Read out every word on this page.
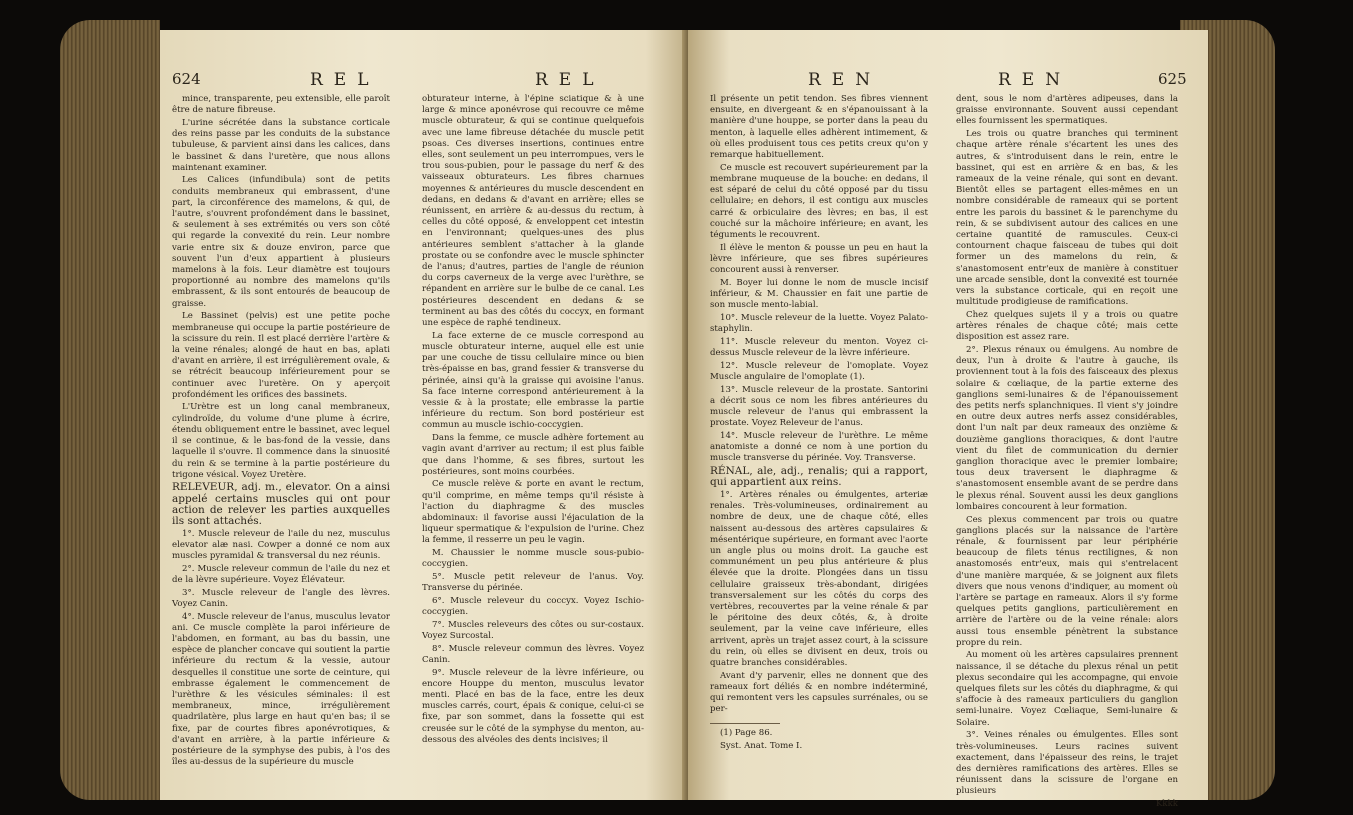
624	REL	REL

mince, transparente, peu extensible, elle paroît être de nature fibreuse.

L'urine sécrétée dans la substance corticale des reins passe par les conduits de la substance tubuleuse, & parvient ainsi dans les calices, dans le bassinet & dans l'uretère, que nous allons maintenant examiner.

Les Calices (infundibula) sont de petits conduits membraneux qui embrassent, d'une part, la circonférence des mamelons, & qui, de l'autre, s'ouvrent profondément dans le bassinet, & seulement à ses extrémités ou vers son côté qui regarde la convexité du rein. Leur nombre varie entre six & douze environ, parce que souvent l'un d'eux appartient à plusieurs mamelons à la fois. Leur diamètre est toujours proportionné au nombre des mamelons qu'ils embrassent, & ils sont entourés de beaucoup de graisse.

Le Bassinet (pelvis) est une petite poche membraneuse qui occupe la partie postérieure de la scissure du rein. Il est placé derrière l'artère & la veine rénales; alongé de haut en bas, aplati d'avant en arrière, il est irrégulièrement ovale, & se rétrécit beaucoup inférieurement pour se continuer avec l'uretère. On y aperçoit profondément les orifices des bassinets.

L'Urètre est un long canal membraneux, cylindroïde, du volume d'une plume à écrire, étendu obliquement entre le bassinet, avec lequel il se continue, & le bas-fond de la vessie, dans laquelle il s'ouvre. Il commence dans la sinuosité du rein & se termine à la partie postérieure du trigone vésical. Voyez Uretère.

RELEVEUR, adj. m., elevator. On a ainsi appelé certains muscles qui ont pour action de relever les parties auxquelles ils sont attachés.

1°. Muscle releveur de l'aile du nez, musculus elevator alæ nasi. Cowper a donné ce nom aux muscles pyramidal & transversal du nez réunis.

2°. Muscle releveur commun de l'aile du nez et de la lèvre supérieure. Voyez Élévateur.

3°. Muscle releveur de l'angle des lèvres. Voyez Canin.

4°. Muscle releveur de l'anus, musculus levator ani. Ce muscle complète la paroi inférieure de l'abdomen, en formant, au bas du bassin, une espèce de plancher concave qui soutient la partie inférieure du rectum & la vessie, autour desquelles il constitue une sorte de ceinture, qui embrasse également le commencement de l'urèthre & les vésicules séminales: il est membraneux, mince, irrégulièrement quadrilatère, plus large en haut qu'en bas; il se fixe, par de courtes fibres aponévrotiques, & d'avant en arrière, à la partie inférieure & postérieure de la symphyse des pubis, à l'os des îles au-dessus de la supérieure du muscle

obturateur interne, à l'épine sciatique & à une large & mince aponévrose qui recouvre ce même muscle obturateur, & qui se continue quelquefois avec une lame fibreuse détachée du muscle petit psoas. Ces diverses insertions, continues entre elles, sont seulement un peu interrompues, vers le trou sous-pubien, pour le passage du nerf & des vaisseaux obturateurs. Les fibres charnues moyennes & antérieures du muscle descendent en dedans, en dedans & d'avant en arrière; elles se réunissent, en arrière & au-dessus du rectum, à celles du côté opposé, & enveloppent cet intestin en l'environnant; quelques-unes des plus antérieures semblent s'attacher à la glande prostate ou se confondre avec le muscle sphincter de l'anus; d'autres, parties de l'angle de réunion du corps caverneux de la verge avec l'urèthre, se répandent en arrière sur le bulbe de ce canal. Les postérieures descendent en dedans & se terminent au bas des côtés du coccyx, en formant une espèce de raphé tendineux.

La face externe de ce muscle correspond au muscle obturateur interne, auquel elle est unie par une couche de tissu cellulaire mince ou bien très-épaisse en bas, grand fessier & transverse du périnée, ainsi qu'à la graisse qui avoisine l'anus. Sa face interne correspond antérieurement à la vessie & à la prostate; elle embrasse la partie inférieure du rectum. Son bord postérieur est commun au muscle ischio-coccygien.

Dans la femme, ce muscle adhère fortement au vagin avant d'arriver au rectum; il est plus faible que dans l'homme, & ses fibres, surtout les postérieures, sont moins courbées.

Ce muscle relève & porte en avant le rectum, qu'il comprime, en même temps qu'il résiste à l'action du diaphragme & des muscles abdominaux: il favorise aussi l'éjaculation de la liqueur spermatique & l'expulsion de l'urine. Chez la femme, il resserre un peu le vagin.

M. Chaussier le nomme muscle sous-pubio-coccygien.

5°. Muscle petit releveur de l'anus. Voy. Transverse du périnée.

6°. Muscle releveur du coccyx. Voyez Ischio-coccygien.

7°. Muscles releveurs des côtes ou sur-costaux. Voyez Surcostal.

8°. Muscle releveur commun des lèvres. Voyez Canin.

9°. Muscle releveur de la lèvre inférieure, ou encore Houppe du menton, musculus levator menti. Placé en bas de la face, entre les deux muscles carrés, court, épais & conique, celui-ci se fixe, par son sommet, dans la fossette qui est creusée sur le côté de la symphyse du menton, au-dessous des alvéoles des dents incisives; il

REN	REN	625

Il présente un petit tendon. Ses fibres viennent ensuite, en divergeant & en s'épanouissant à la manière d'une houppe, se porter dans la peau du menton, à laquelle elles adhèrent intimement, & où elles produisent tous ces petits creux qu'on y remarque habituellement.

Ce muscle est recouvert supérieurement par la membrane muqueuse de la bouche: en dedans, il est séparé de celui du côté opposé par du tissu cellulaire; en dehors, il est contigu aux muscles carré & orbiculaire des lèvres; en bas, il est couché sur la mâchoire inférieure; en avant, les téguments le recouvrent.

Il élève le menton & pousse un peu en haut la lèvre inférieure, que ses fibres supérieures concourent aussi à renverser.

M. Boyer lui donne le nom de muscle incisif inférieur, & M. Chaussier en fait une partie de son muscle mento-labial.

10°. Muscle releveur de la luette. Voyez Palato-staphylin.

11°. Muscle releveur du menton. Voyez ci-dessus Muscle releveur de la lèvre inférieure.

12°. Muscle releveur de l'omoplate. Voyez Muscle angulaire de l'omoplate (1).

13°. Muscle releveur de la prostate. Santorini a décrit sous ce nom les fibres antérieures du muscle releveur de l'anus qui embrassent la prostate. Voyez Releveur de l'anus.

14°. Muscle releveur de l'urèthre. Le même anatomiste a donné ce nom à une portion du muscle transverse du périnée. Voy. Transverse.

RÉNAL, ale, adj., renalis; qui a rapport, qui appartient aux reins.

1°. Artères rénales ou émulgentes, arteriæ renales. Très-volumineuses, ordinairement au nombre de deux, une de chaque côté, elles naissent au-dessous des artères capsulaires & mésentérique supérieure, en formant avec l'aorte un angle plus ou moins droit. La gauche est communément un peu plus antérieure & plus élevée que la droite. Plongées dans un tissu cellulaire graisseux très-abondant, dirigées transversalement sur les côtés du corps des vertèbres, recouvertes par la veine rénale & par le péritoine des deux côtés, &, à droite seulement, par la veine cave inférieure, elles arrivent, après un trajet assez court, à la scissure du rein, où elles se divisent en deux, trois ou quatre branches considérables.

Avant d'y parvenir, elles ne donnent que des rameaux fort déliés & en nombre indéterminé, qui remontent vers les capsules surrénales, ou se per-

(1) Page 86.

Syst. Anat. Tome I.

dent, sous le nom d'artères adipeuses, dans la graisse environnante. Souvent aussi cependant elles fournissent les spermatiques.

Les trois ou quatre branches qui terminent chaque artère rénale s'écartent les unes des autres, & s'introduisent dans le rein, entre le bassinet, qui est en arrière & en bas, & les rameaux de la veine rénale, qui sont en devant. Bientôt elles se partagent elles-mêmes en un nombre considérable de rameaux qui se portent entre les parois du bassinet & le parenchyme du rein, & se subdivisent autour des calices en une certaine quantité de ramuscules. Ceux-ci contournent chaque faisceau de tubes qui doit former un des mamelons du rein, & s'anastomosent entr'eux de manière à constituer une arcade sensible, dont la convexité est tournée vers la substance corticale, qui en reçoit une multitude prodigieuse de ramifications.

Chez quelques sujets il y a trois ou quatre artères rénales de chaque côté; mais cette disposition est assez rare.

2°. Plexus rénaux ou émulgens. Au nombre de deux, l'un à droite & l'autre à gauche, ils proviennent tout à la fois des faisceaux des plexus solaire & cœliaque, de la partie externe des ganglions semi-lunaires & de l'épanouissement des petits nerfs splanchniques. Il vient s'y joindre en outre deux autres nerfs assez considérables, dont l'un naît par deux rameaux des onzième & douzième ganglions thoraciques, & dont l'autre vient du filet de communication du dernier ganglion thoracique avec le premier lombaire; tous deux traversent le diaphragme & s'anastomosent ensemble avant de se perdre dans le plexus rénal. Souvent aussi les deux ganglions lombaires concourent à leur formation.

Ces plexus commencent par trois ou quatre ganglions placés sur la naissance de l'artère rénale, & fournissent par leur périphérie beaucoup de filets ténus rectilignes, & non anastomosés entr'eux, mais qui s'entrelacent d'une manière marquée, & se joignent aux filets divers que nous venons d'indiquer, au moment où l'artère se partage en rameaux. Alors il s'y forme quelques petits ganglions, particulièrement en arrière de l'artère ou de la veine rénale: alors aussi tous ensemble pénètrent la substance propre du rein.

Au moment où les artères capsulaires prennent naissance, il se détache du plexus rénal un petit plexus secondaire qui les accompagne, qui envoie quelques filets sur les côtés du diaphragme, & qui s'affocie à des rameaux particuliers du ganglion semi-lunaire. Voyez Cœliaque, Semi-lunaire & Solaire.

3°. Veines rénales ou émulgentes. Elles sont très-volumineuses. Leurs racines suivent exactement, dans l'épaisseur des reins, le trajet des dernières ramifications des artères. Elles se réunissent dans la scissure de l'organe en plusieurs

Kkkk
